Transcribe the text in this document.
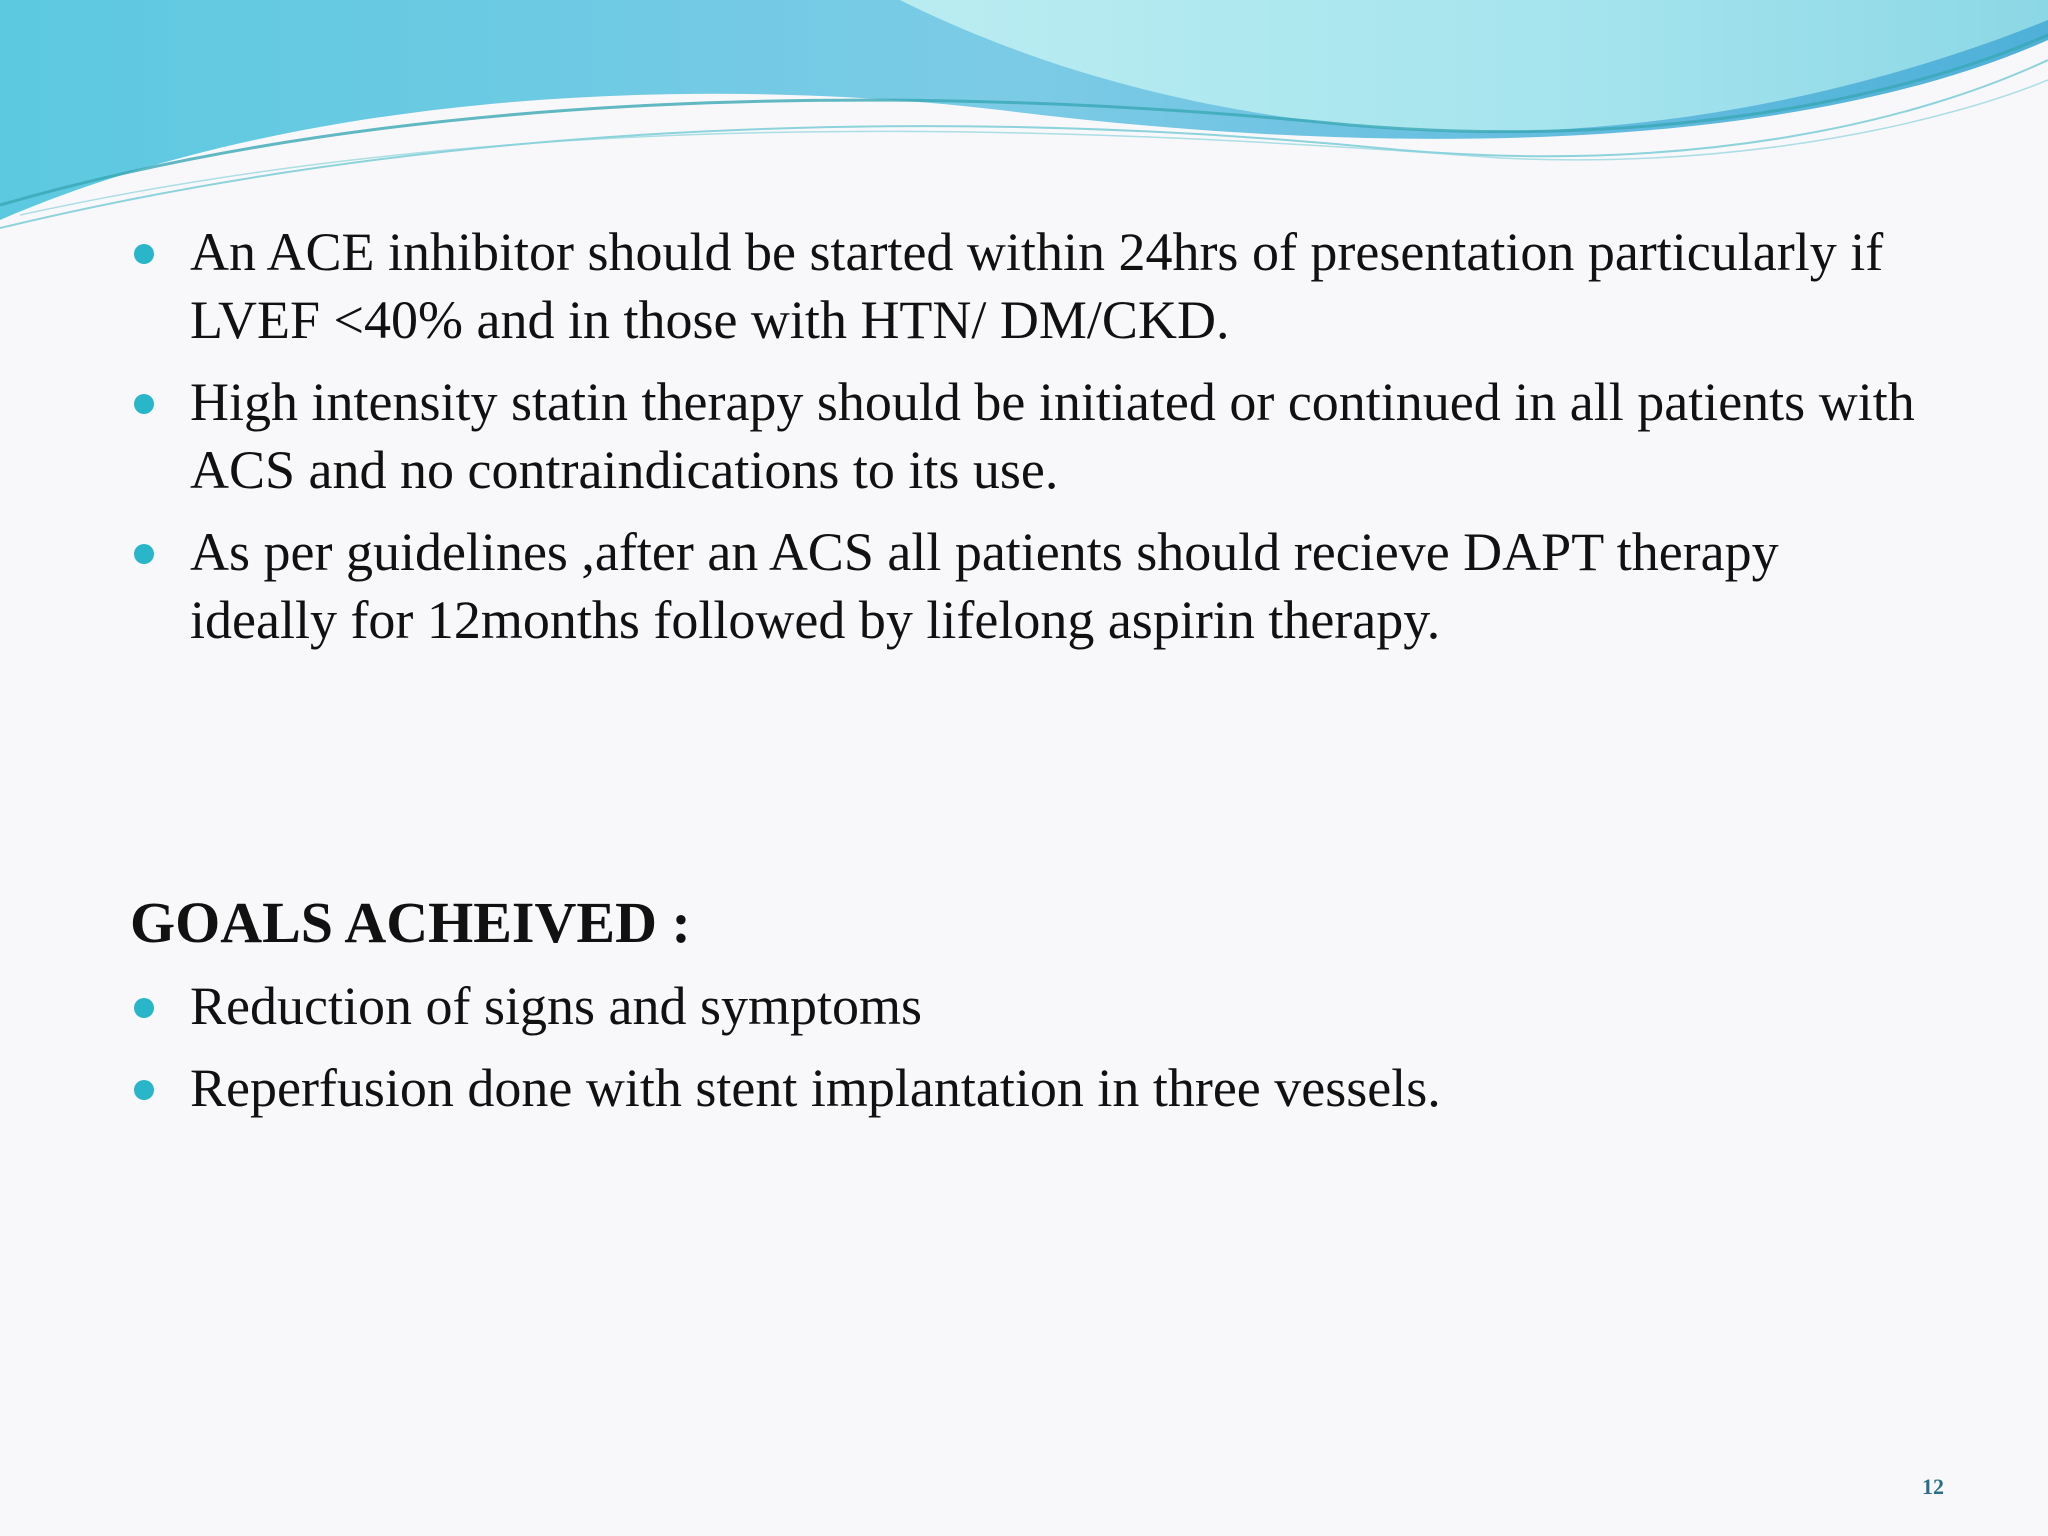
An ACE inhibitor should be started within 24hrs of presentation particularly if LVEF <40% and in those with HTN/ DM/CKD.
High intensity statin therapy should be initiated or continued in all patients with ACS and no contraindications to its use.
As per guidelines ,after an ACS all patients should recieve DAPT therapy ideally for 12months followed by lifelong aspirin therapy.
GOALS ACHEIVED :
Reduction of signs and symptoms
Reperfusion done with stent implantation in three vessels.
12
